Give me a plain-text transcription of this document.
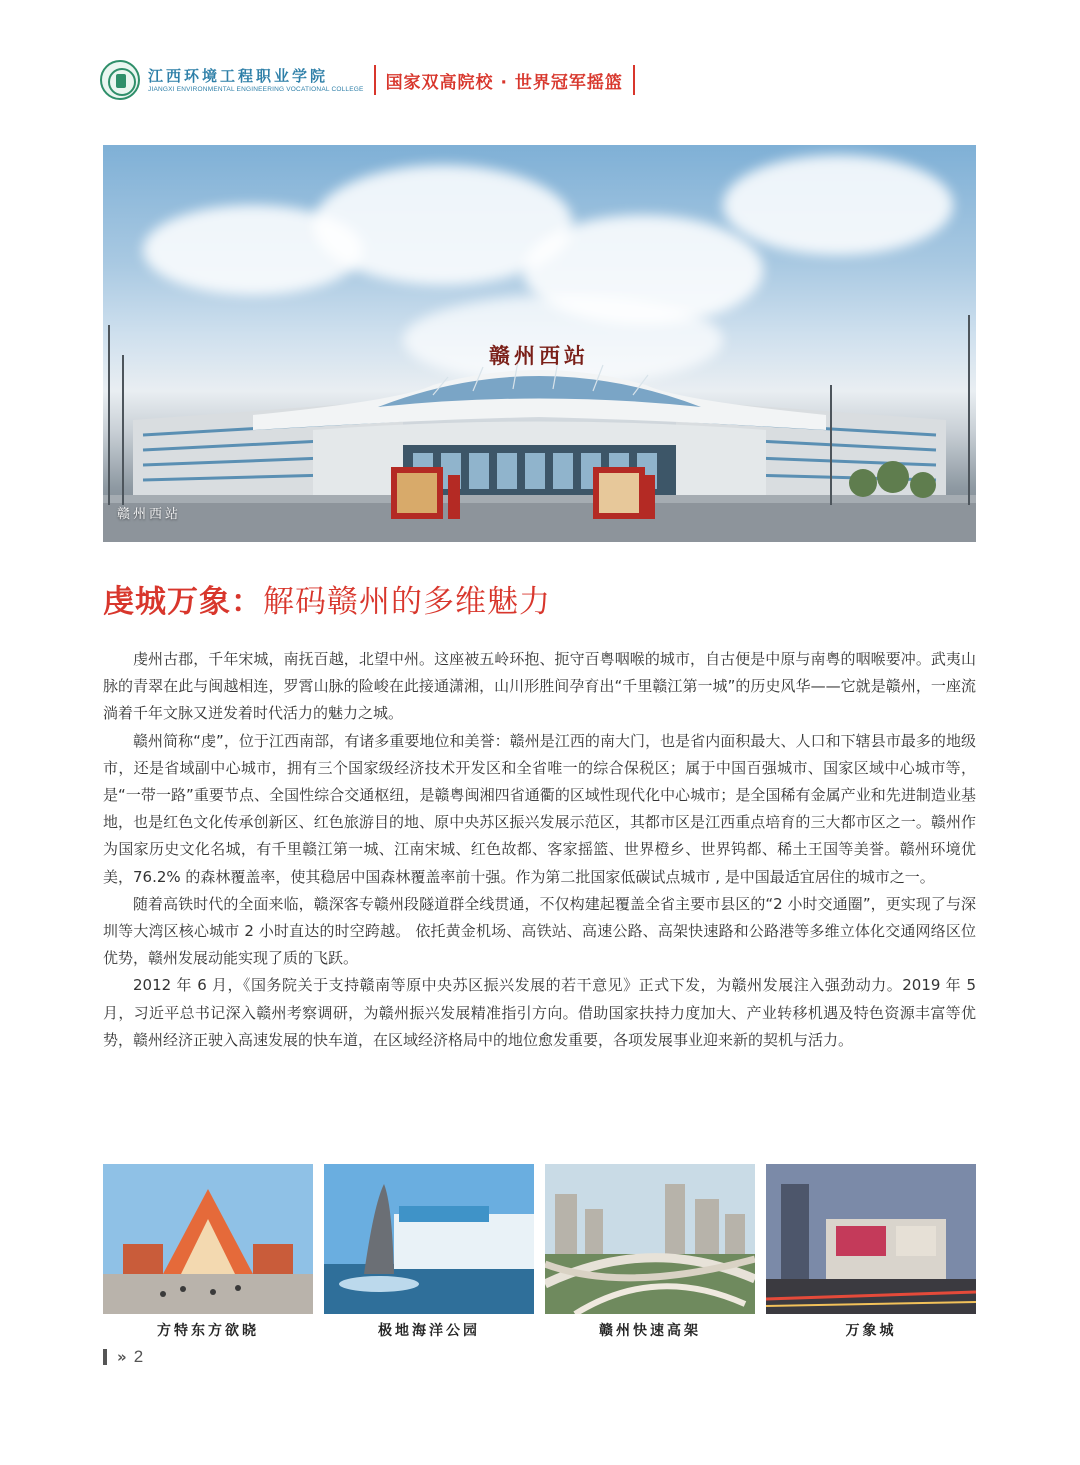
江西环境工程职业学院
JIANGXI ENVIRONMENTAL ENGINEERING VOCATIONAL COLLEGE 国家双高院校 · 世界冠军摇篮
赣州西站
赣州西站
虔城万象：解码赣州的多维魅力

虔州古郡，千年宋城，南抚百越，北望中州。这座被五岭环抱、扼守百粤咽喉的城市，自古便是中原与南粤的咽喉要冲。武夷山脉的青翠在此与闽越相连，罗霄山脉的险峻在此接通潇湘，山川形胜间孕育出“千里赣江第一城”的历史风华——它就是赣州，一座流淌着千年文脉又迸发着时代活力的魅力之城。

赣州简称“虔”，位于江西南部，有诸多重要地位和美誉：赣州是江西的南大门，也是省内面积最大、人口和下辖县市最多的地级市，还是省域副中心城市，拥有三个国家级经济技术开发区和全省唯一的综合保税区；属于中国百强城市、国家区域中心城市等，是“一带一路”重要节点、全国性综合交通枢纽，是赣粤闽湘四省通衢的区域性现代化中心城市；是全国稀有金属产业和先进制造业基地，也是红色文化传承创新区、红色旅游目的地、原中央苏区振兴发展示范区，其都市区是江西重点培育的三大都市区之一。赣州作为国家历史文化名城，有千里赣江第一城、江南宋城、红色故都、客家摇篮、世界橙乡、世界钨都、稀土王国等美誉。赣州环境优美，76.2% 的森林覆盖率，使其稳居中国森林覆盖率前十强。作为第二批国家低碳试点城市 , 是中国最适宜居住的城市之一。

随着高铁时代的全面来临，赣深客专赣州段隧道群全线贯通，不仅构建起覆盖全省主要市县区的“2 小时交通圈”，更实现了与深圳等大湾区核心城市 2 小时直达的时空跨越。 依托黄金机场、高铁站、高速公路、高架快速路和公路港等多维立体化交通网络区位优势，赣州发展动能实现了质的飞跃。

2012 年 6 月，《国务院关于支持赣南等原中央苏区振兴发展的若干意见》正式下发，为赣州发展注入强劲动力。2019 年 5 月，习近平总书记深入赣州考察调研，为赣州振兴发展精准指引方向。借助国家扶持力度加大、产业转移机遇及特色资源丰富等优势，赣州经济正驶入高速发展的快车道，在区域经济格局中的地位愈发重要，各项发展事业迎来新的契机与活力。

方特东方欲晓	极地海洋公园	赣州快速高架	万象城
» 2
